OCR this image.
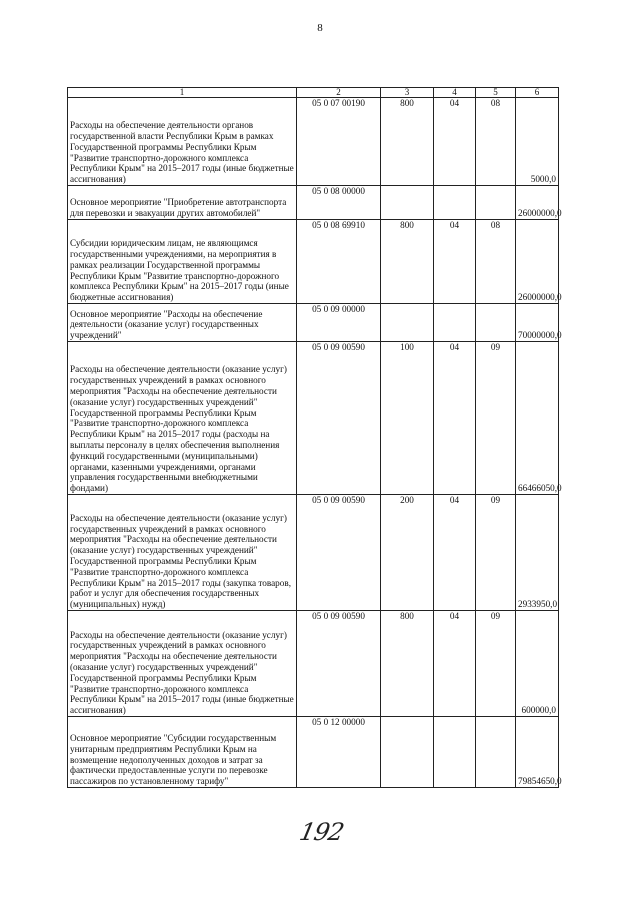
8
1	2	3	4	5	6
Расходы на обеспечение деятельности органов государственной власти Республики Крым в рамках Государственной программы Республики Крым "Развитие транспортно-дорожного комплекса Республики Крым" на 2015–2017 годы (иные бюджетные ассигнования)	05 0 07 00190	800	04	08	5000,0
Основное мероприятие "Приобретение автотранспорта для перевозки и эвакуации других автомобилей"	05 0 08 00000				26000000,0
Субсидии юридическим лицам, не являющимся государственными учреждениями, на мероприятия в рамках реализации Государственной программы Республики Крым "Развитие транспортно-дорожного комплекса Республики Крым" на 2015–2017 годы (иные бюджетные ассигнования)	05 0 08 69910	800	04	08	26000000,0
Основное мероприятие "Расходы на обеспечение деятельности (оказание услуг) государственных учреждений"	05 0 09 00000				70000000,0
Расходы на обеспечение деятельности (оказание услуг) государственных учреждений в рамках основного мероприятия "Расходы на обеспечение деятельности (оказание услуг) государственных учреждений" Государственной программы Республики Крым "Развитие транспортно-дорожного комплекса Республики Крым" на 2015–2017 годы (расходы на выплаты персоналу в целях обеспечения выполнения функций государственными (муниципальными) органами, казенными учреждениями, органами управления государственными внебюджетными фондами)	05 0 09 00590	100	04	09	66466050,0
Расходы на обеспечение деятельности (оказание услуг) государственных учреждений в рамках основного мероприятия "Расходы на обеспечение деятельности (оказание услуг) государственных учреждений" Государственной программы Республики Крым "Развитие транспортно-дорожного комплекса Республики Крым" на 2015–2017 годы (закупка товаров, работ и услуг для обеспечения государственных (муниципальных) нужд)	05 0 09 00590	200	04	09	2933950,0
Расходы на обеспечение деятельности (оказание услуг) государственных учреждений в рамках основного мероприятия "Расходы на обеспечение деятельности (оказание услуг) государственных учреждений" Государственной программы Республики Крым "Развитие транспортно-дорожного комплекса Республики Крым" на 2015–2017 годы (иные бюджетные ассигнования)	05 0 09 00590	800	04	09	600000,0
Основное мероприятие "Субсидии государственным унитарным предприятиям Республики Крым на возмещение недополученных доходов и затрат за фактически предоставленные услуги по перевозке пассажиров по установленному тарифу"	05 0 12 00000				79854650,0
192
